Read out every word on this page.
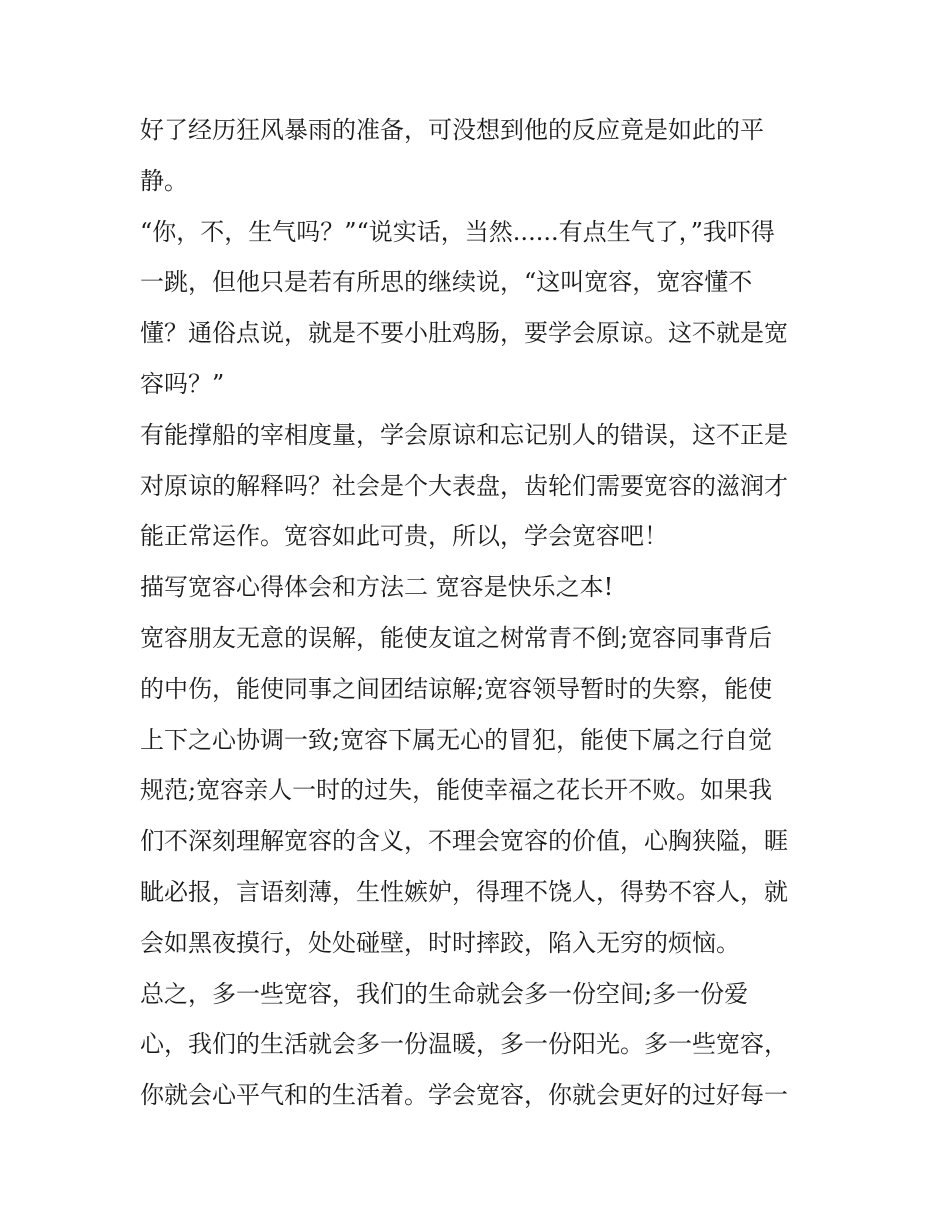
好了经历狂风暴雨的准备，可没想到他的反应竟是如此的平
静。
“你，不，生气吗？”“说实话，当然......有点生气了，”我吓得
一跳，但他只是若有所思的继续说，“这叫宽容，宽容懂不
懂？通俗点说，就是不要小肚鸡肠，要学会原谅。这不就是宽
容吗？”
有能撑船的宰相度量，学会原谅和忘记别人的错误，这不正是
对原谅的解释吗？社会是个大表盘，齿轮们需要宽容的滋润才
能正常运作。宽容如此可贵，所以，学会宽容吧！
描写宽容心得体会和方法二 宽容是快乐之本!
宽容朋友无意的误解，能使友谊之树常青不倒;宽容同事背后
的中伤，能使同事之间团结谅解;宽容领导暂时的失察，能使
上下之心协调一致;宽容下属无心的冒犯，能使下属之行自觉
规范;宽容亲人一时的过失，能使幸福之花长开不败。如果我
们不深刻理解宽容的含义，不理会宽容的价值，心胸狭隘，睚
眦必报，言语刻薄，生性嫉妒，得理不饶人，得势不容人，就
会如黑夜摸行，处处碰壁，时时摔跤，陷入无穷的烦恼。
总之，多一些宽容，我们的生命就会多一份空间;多一份爱
心，我们的生活就会多一份温暖，多一份阳光。多一些宽容，
你就会心平气和的生活着。学会宽容，你就会更好的过好每一
